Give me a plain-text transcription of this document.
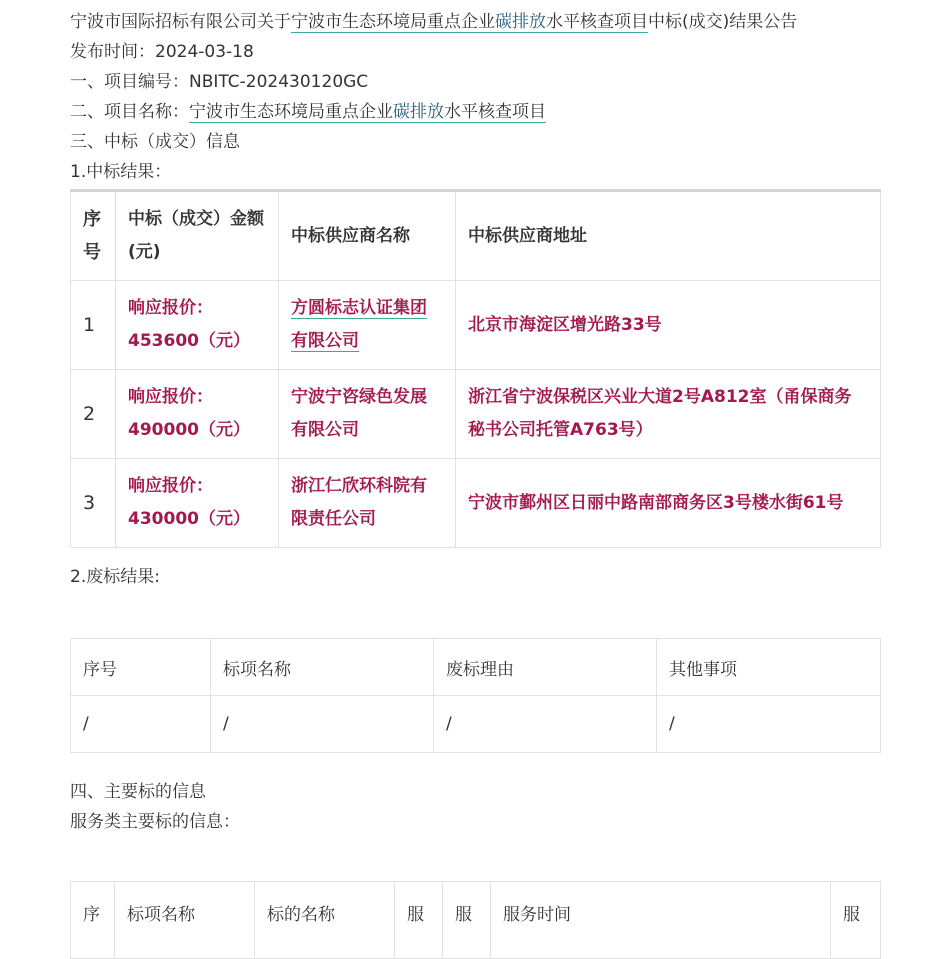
宁波市国际招标有限公司关于宁波市生态环境局重点企业碳排放水平核查项目中标(成交)结果公告
发布时间：2024-03-18
一、项目编号：NBITC-202430120GC
二、项目名称：宁波市生态环境局重点企业碳排放水平核查项目
三、中标（成交）信息
1.中标结果：
序号	中标（成交）金额(元)	中标供应商名称	中标供应商地址
1	响应报价：453600（元）	方圆标志认证集团有限公司	北京市海淀区增光路33号
2	响应报价：490000（元）	宁波宁咨绿色发展有限公司	浙江省宁波保税区兴业大道2号A812室（甬保商务秘书公司托管A763号）
3	响应报价：430000（元）	浙江仁欣环科院有限责任公司	宁波市鄞州区日丽中路南部商务区3号楼水街61号
2.废标结果:
序号	标项名称	废标理由	其他事项
/	/	/	/
四、主要标的信息
服务类主要标的信息：
序	标项名称	标的名称	服	服	服务时间	服
